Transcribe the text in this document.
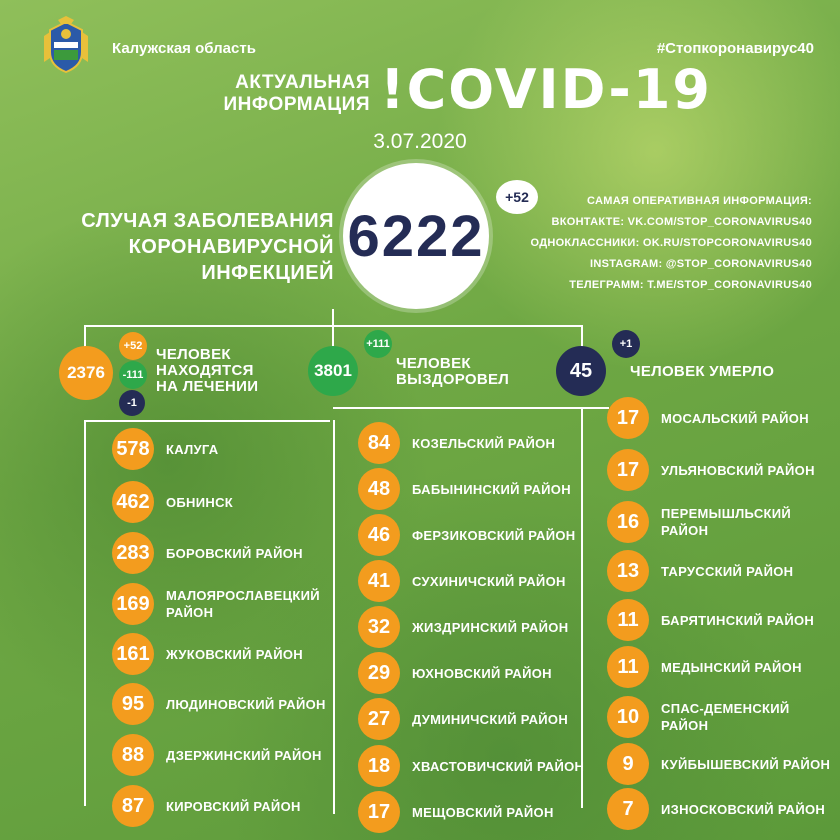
Калужская область	#Стопкоронавирус40
АКТУАЛЬНАЯ
ИНФОРМАЦИЯ !COVID-19
3.07.2020
СЛУЧАЯ ЗАБОЛЕВАНИЯ
КОРОНАВИРУСНОЙ ИНФЕКЦИЕЙ
6222
+52	САМАЯ ОПЕРАТИВНАЯ ИНФОРМАЦИЯ:
ВКОНТАКТЕ: VK.COM/STOP_CORONAVIRUS40
ОДНОКЛАССНИКИ: OK.RU/STOPCORONAVIRUS40
INSTAGRAM: @STOP_CORONAVIRUS40
ТЕЛЕГРАММ: T.ME/STOP_CORONAVIRUS40
2376
+52
-111
-1
ЧЕЛОВЕК
НАХОДЯТСЯ
НА ЛЕЧЕНИИ
3801
+111
ЧЕЛОВЕК
ВЫЗДОРОВЕЛ	45
+1
ЧЕЛОВЕК УМЕРЛО
578	КАЛУГА
462	ОБНИНСК
283	БОРОВСКИЙ РАЙОН
169	МАЛОЯРОСЛАВЕЦКИЙ РАЙОН
161	ЖУКОВСКИЙ РАЙОН
95	ЛЮДИНОВСКИЙ РАЙОН
88	ДЗЕРЖИНСКИЙ РАЙОН
87	КИРОВСКИЙ РАЙОН
84	КОЗЕЛЬСКИЙ РАЙОН
48	БАБЫНИНСКИЙ РАЙОН
46	ФЕРЗИКОВСКИЙ РАЙОН
41	СУХИНИЧСКИЙ РАЙОН
32	ЖИЗДРИНСКИЙ РАЙОН
29	ЮХНОВСКИЙ РАЙОН
27	ДУМИНИЧСКИЙ РАЙОН
18	ХВАСТОВИЧСКИЙ РАЙОН
17	МЕЩОВСКИЙ РАЙОН
17	МОСАЛЬСКИЙ РАЙОН
17	УЛЬЯНОВСКИЙ РАЙОН
16	ПЕРЕМЫШЛЬСКИЙ РАЙОН
13	ТАРУССКИЙ РАЙОН
11	БАРЯТИНСКИЙ РАЙОН
11	МЕДЫНСКИЙ РАЙОН
10	СПАС-ДЕМЕНСКИЙ РАЙОН
9	КУЙБЫШЕВСКИЙ РАЙОН
7	ИЗНОСКОВСКИЙ РАЙОН
